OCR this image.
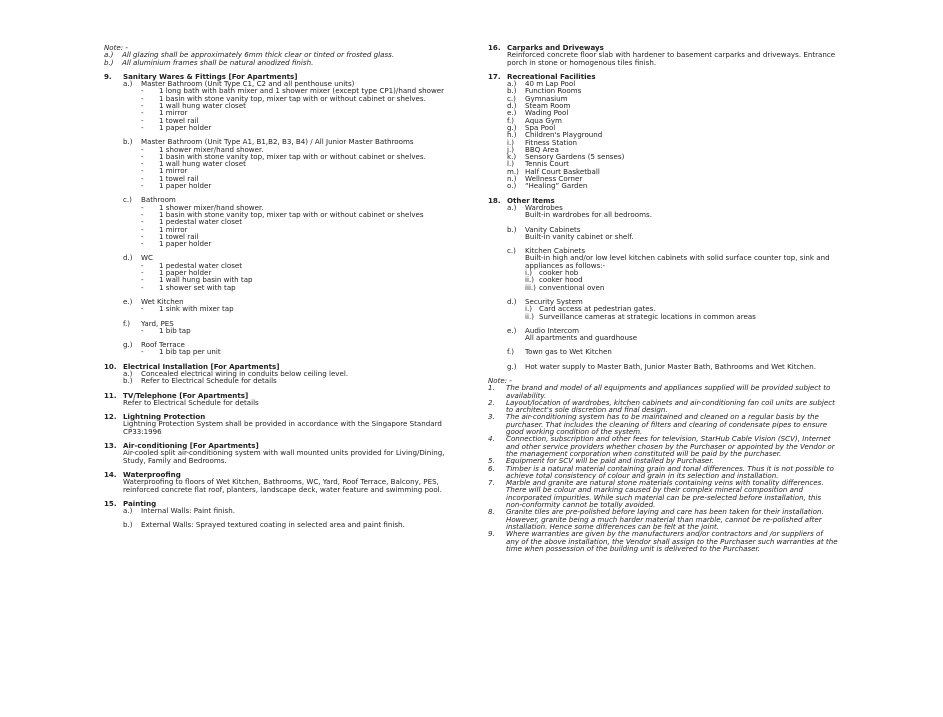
Note: -
a.)	All glazing shall be approximately 6mm thick clear or tinted or frosted glass.
b.)	All aluminium frames shall be natural anodized finish.
9.	Sanitary Wares & Fittings [For Apartments]
a.)	Master Bathroom (Unit Type C1, C2 and all penthouse units)
-	1 long bath with bath mixer and 1 shower mixer (except type CP1)/hand shower
-	1 basin with stone vanity top, mixer tap with or without cabinet or shelves.
-	1 wall hung water closet
-	1 mirror
-	1 towel rail
-	1 paper holder
b.)	Master Bathroom (Unit Type A1, B1,B2, B3, B4) / All Junior Master Bathrooms
-	1 shower mixer/hand shower.
-	1 basin with stone vanity top, mixer tap with or without cabinet or shelves.
-	1 wall hung water closet
-	1 mirror
-	1 towel rail
-	1 paper holder
c.)	Bathroom
-	1 shower mixer/hand shower.
-	1 basin with stone vanity top, mixer tap with or without cabinet or shelves
-	1 pedestal water closet
-	1 mirror
-	1 towel rail
-	1 paper holder
d.)	WC
-	1 pedestal water closet
-	1 paper holder
-	1 wall hung basin with tap
-	1 shower set with tap
e.)	Wet Kitchen
-	1 sink with mixer tap
f.)	Yard, PES
-	1 bib tap
g.)	Roof Terrace
-	1 bib tap per unit
10. Electrical Installation [For Apartments]
a.)	Concealed electrical wiring in conduits below ceiling level.
b.)	Refer to Electrical Schedule for details
11. TV/Telephone [For Apartments]
Refer to Electrical Schedule for details
12. Lightning Protection
Lightning Protection System shall be provided in accordance with the Singapore Standard CP33:1996
13. Air-conditioning [For Apartments]
Air-cooled split air-conditioning system with wall mounted units provided for Living/Dining, Study, Family and Bedrooms.
14. Waterproofing
Waterproofing to floors of Wet Kitchen, Bathrooms, WC, Yard, Roof Terrace, Balcony, PES, reinforced concrete flat roof, planters, landscape deck, water feature and swimming pool.
15. Painting
a.)	Internal Walls: Paint finish.
b.)	External Walls: Sprayed textured coating in selected area and paint finish.
16. Carparks and Driveways
Reinforced concrete floor slab with hardener to basement carparks and driveways. Entrance porch in stone or homogenous tiles finish.
17. Recreational Facilities
a.)	40 m Lap Pool
b.)	Function Rooms
c.)	Gymnasium
d.)	Steam Room
e.)	Wading Pool
f.)	Aqua Gym
g.)	Spa Pool
h.)	Children's Playground
i.)	Fitness Station
j.)	BBQ Area
k.)	Sensory Gardens (5 senses)
l.)	Tennis Court
m.) Half Court Basketball
n.)	Wellness Corner
o.)	“Healing” Garden
18. Other Items
a.)	Wardrobes
Built-in wardrobes for all bedrooms.
b.)	Vanity Cabinets
Built-in vanity cabinet or shelf.
c.)	Kitchen Cabinets
Built-in high and/or low level kitchen cabinets with solid surface counter top, sink and appliances as follows:-
i.) cooker hob
ii.) cooker hood
iii.) conventional oven
d.)	Security System
i.) Card access at pedestrian gates.
ii.) Surveillance cameras at strategic locations in common areas
e.)	Audio Intercom
All apartments and guardhouse
f.)	Town gas to Wet Kitchen
g.)	Hot water supply to Master Bath, Junior Master Bath, Bathrooms and Wet Kitchen.
Note: -
1.	The brand and model of all equipments and appliances supplied will be provided subject to availability.
2.	Layout/location of wardrobes, kitchen cabinets and air-conditioning fan coil units are subject to architect's sole discretion and final design.
3.	The air-conditioning system has to be maintained and cleaned on a regular basis by the purchaser. That includes the cleaning of filters and clearing of condensate pipes to ensure good working condition of the system.
4.	Connection, subscription and other fees for television, StarHub Cable Vision (SCV), Internet and other service providers whether chosen by the Purchaser or appointed by the Vendor or the management corporation when constituted will be paid by the purchaser.
5.	Equipment for SCV will be paid and installed by Purchaser.
6.	Timber is a natural material containing grain and tonal differences. Thus it is not possible to achieve total consistency of colour and grain in its selection and installation.
7.	Marble and granite are natural stone materials containing veins with tonality differences. There will be colour and marking caused by their complex mineral composition and incorporated impurities. While such material can be pre-selected before installation, this non-conformity cannot be totally avoided.
8.	Granite tiles are pre-polished before laying and care has been taken for their installation. However, granite being a much harder material than marble, cannot be re-polished after installation. Hence some differences can be felt at the joint.
9.	Where warranties are given by the manufacturers and/or contractors and /or suppliers of any of the above installation, the Vendor shall assign to the Purchaser such warranties at the time when possession of the building unit is delivered to the Purchaser.
